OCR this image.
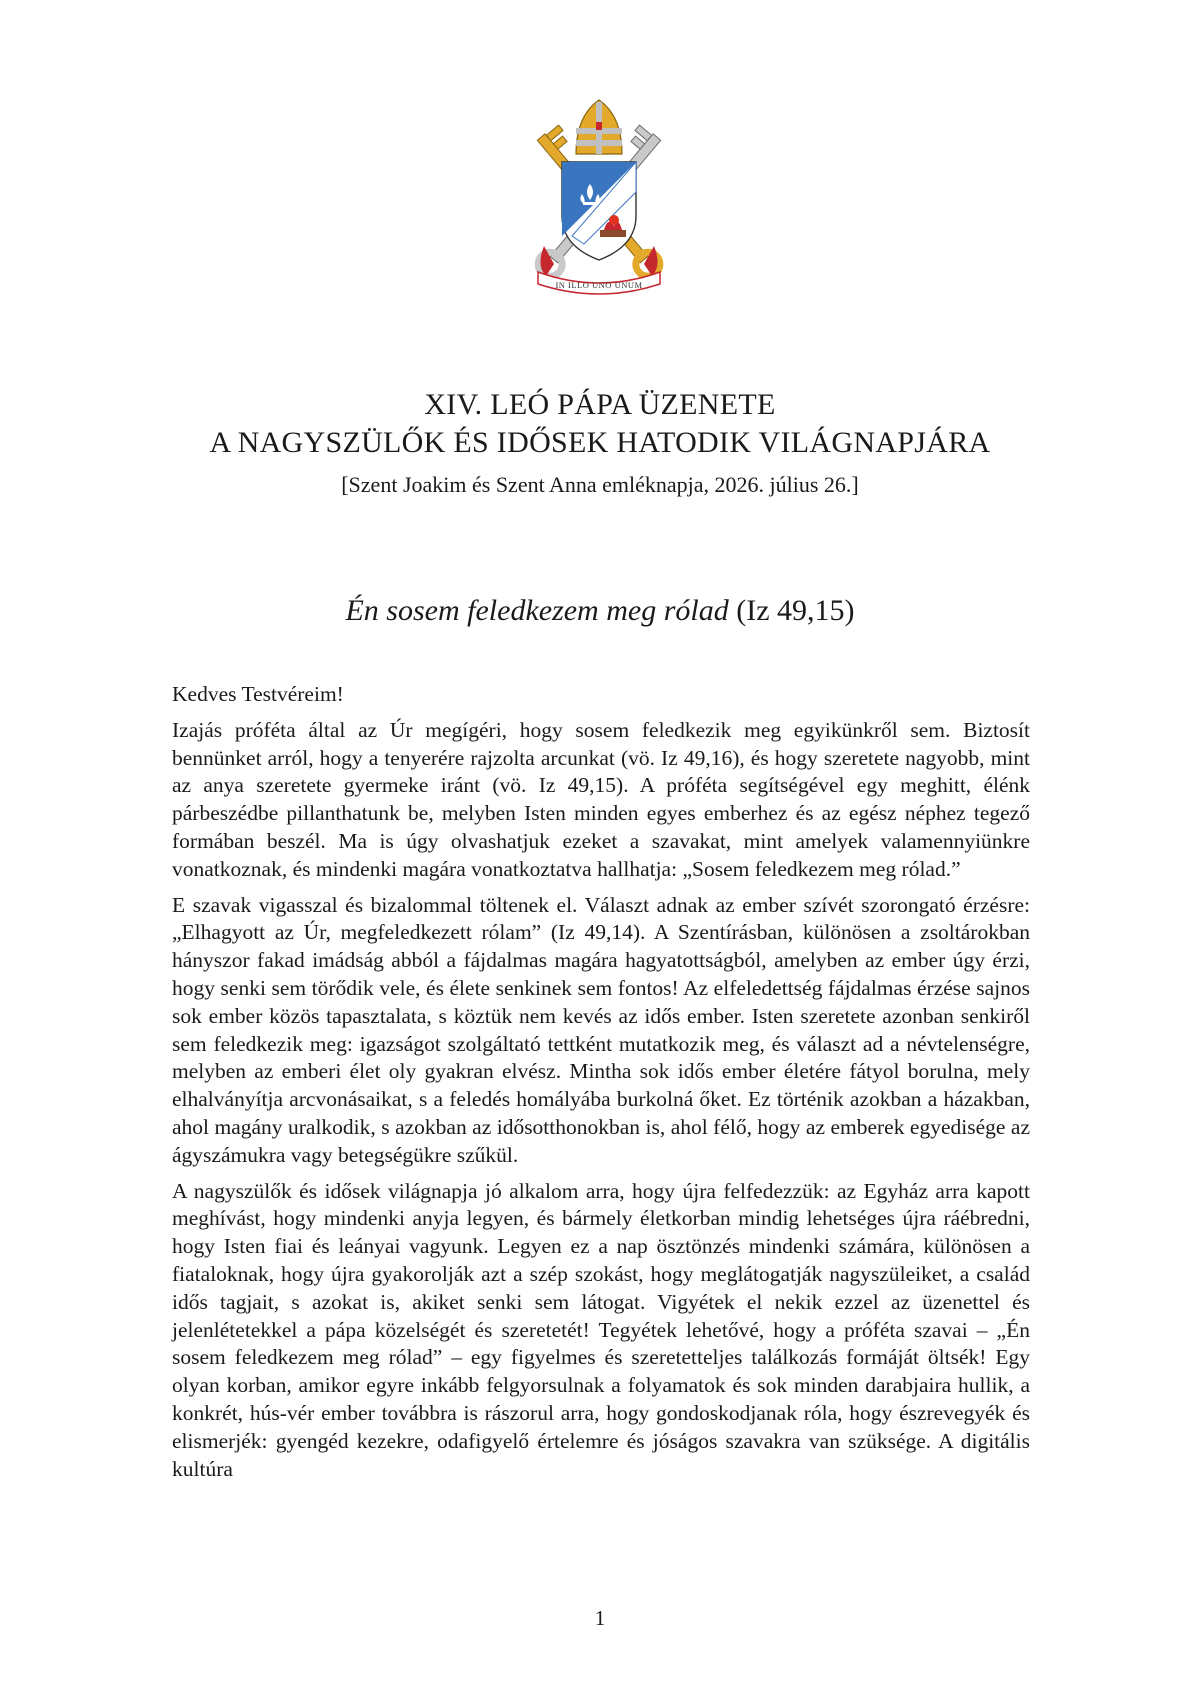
IN ILLO UNO UNUM
XIV. LEÓ PÁPA ÜZENETE
A NAGYSZÜLŐK ÉS IDŐSEK HATODIK VILÁGNAPJÁRA
[Szent Joakim és Szent Anna emléknapja, 2026. július 26.]
Én sosem feledkezem meg rólad (Iz 49,15)

Kedves Testvéreim!

Izajás próféta által az Úr megígéri, hogy sosem feledkezik meg egyikünkről sem. Biztosít bennünket arról, hogy a tenyerére rajzolta arcunkat (vö. Iz 49,16), és hogy szeretete nagyobb, mint az anya szeretete gyermeke iránt (vö. Iz 49,15). A próféta segítségével egy meghitt, élénk párbeszédbe pillanthatunk be, melyben Isten minden egyes emberhez és az egész néphez tegező formában beszél. Ma is úgy olvashatjuk ezeket a szavakat, mint amelyek valamennyiünkre vonatkoznak, és mindenki magára vonatkoztatva hallhatja: „Sosem feledkezem meg rólad.”

E szavak vigasszal és bizalommal töltenek el. Választ adnak az ember szívét szorongató érzésre: „Elhagyott az Úr, megfeledkezett rólam” (Iz 49,14). A Szentírásban, különösen a zsoltárokban hányszor fakad imádság abból a fájdalmas magára hagyatottságból, amelyben az ember úgy érzi, hogy senki sem törődik vele, és élete senkinek sem fontos! Az elfeledettség fájdalmas érzése sajnos sok ember közös tapasztalata, s köztük nem kevés az idős ember. Isten szeretete azonban senkiről sem feledkezik meg: igazságot szolgáltató tettként mutatkozik meg, és választ ad a névtelenségre, melyben az emberi élet oly gyakran elvész. Mintha sok idős ember életére fátyol borulna, mely elhalványítja arcvonásaikat, s a feledés homályába burkolná őket. Ez történik azokban a házakban, ahol magány uralkodik, s azokban az idősotthonokban is, ahol félő, hogy az emberek egyedisége az ágyszámukra vagy betegségükre szűkül.

A nagyszülők és idősek világnapja jó alkalom arra, hogy újra felfedezzük: az Egyház arra kapott meghívást, hogy mindenki anyja legyen, és bármely életkorban mindig lehetséges újra ráébredni, hogy Isten fiai és leányai vagyunk. Legyen ez a nap ösztönzés mindenki számára, különösen a fiataloknak, hogy újra gyakorolják azt a szép szokást, hogy meglátogatják nagyszüleiket, a család idős tagjait, s azokat is, akiket senki sem látogat. Vigyétek el nekik ezzel az üzenettel és jelenlétetekkel a pápa közelségét és szeretetét! Tegyétek lehetővé, hogy a próféta szavai – „Én sosem feledkezem meg rólad” – egy figyelmes és szeretetteljes találkozás formáját öltsék! Egy olyan korban, amikor egyre inkább felgyorsulnak a folyamatok és sok minden darabjaira hullik, a konkrét, hús-vér ember továbbra is rászorul arra, hogy gondoskodjanak róla, hogy észrevegyék és elismerjék: gyengéd kezekre, odafigyelő értelemre és jóságos szavakra van szüksége. A digitális kultúra

1
